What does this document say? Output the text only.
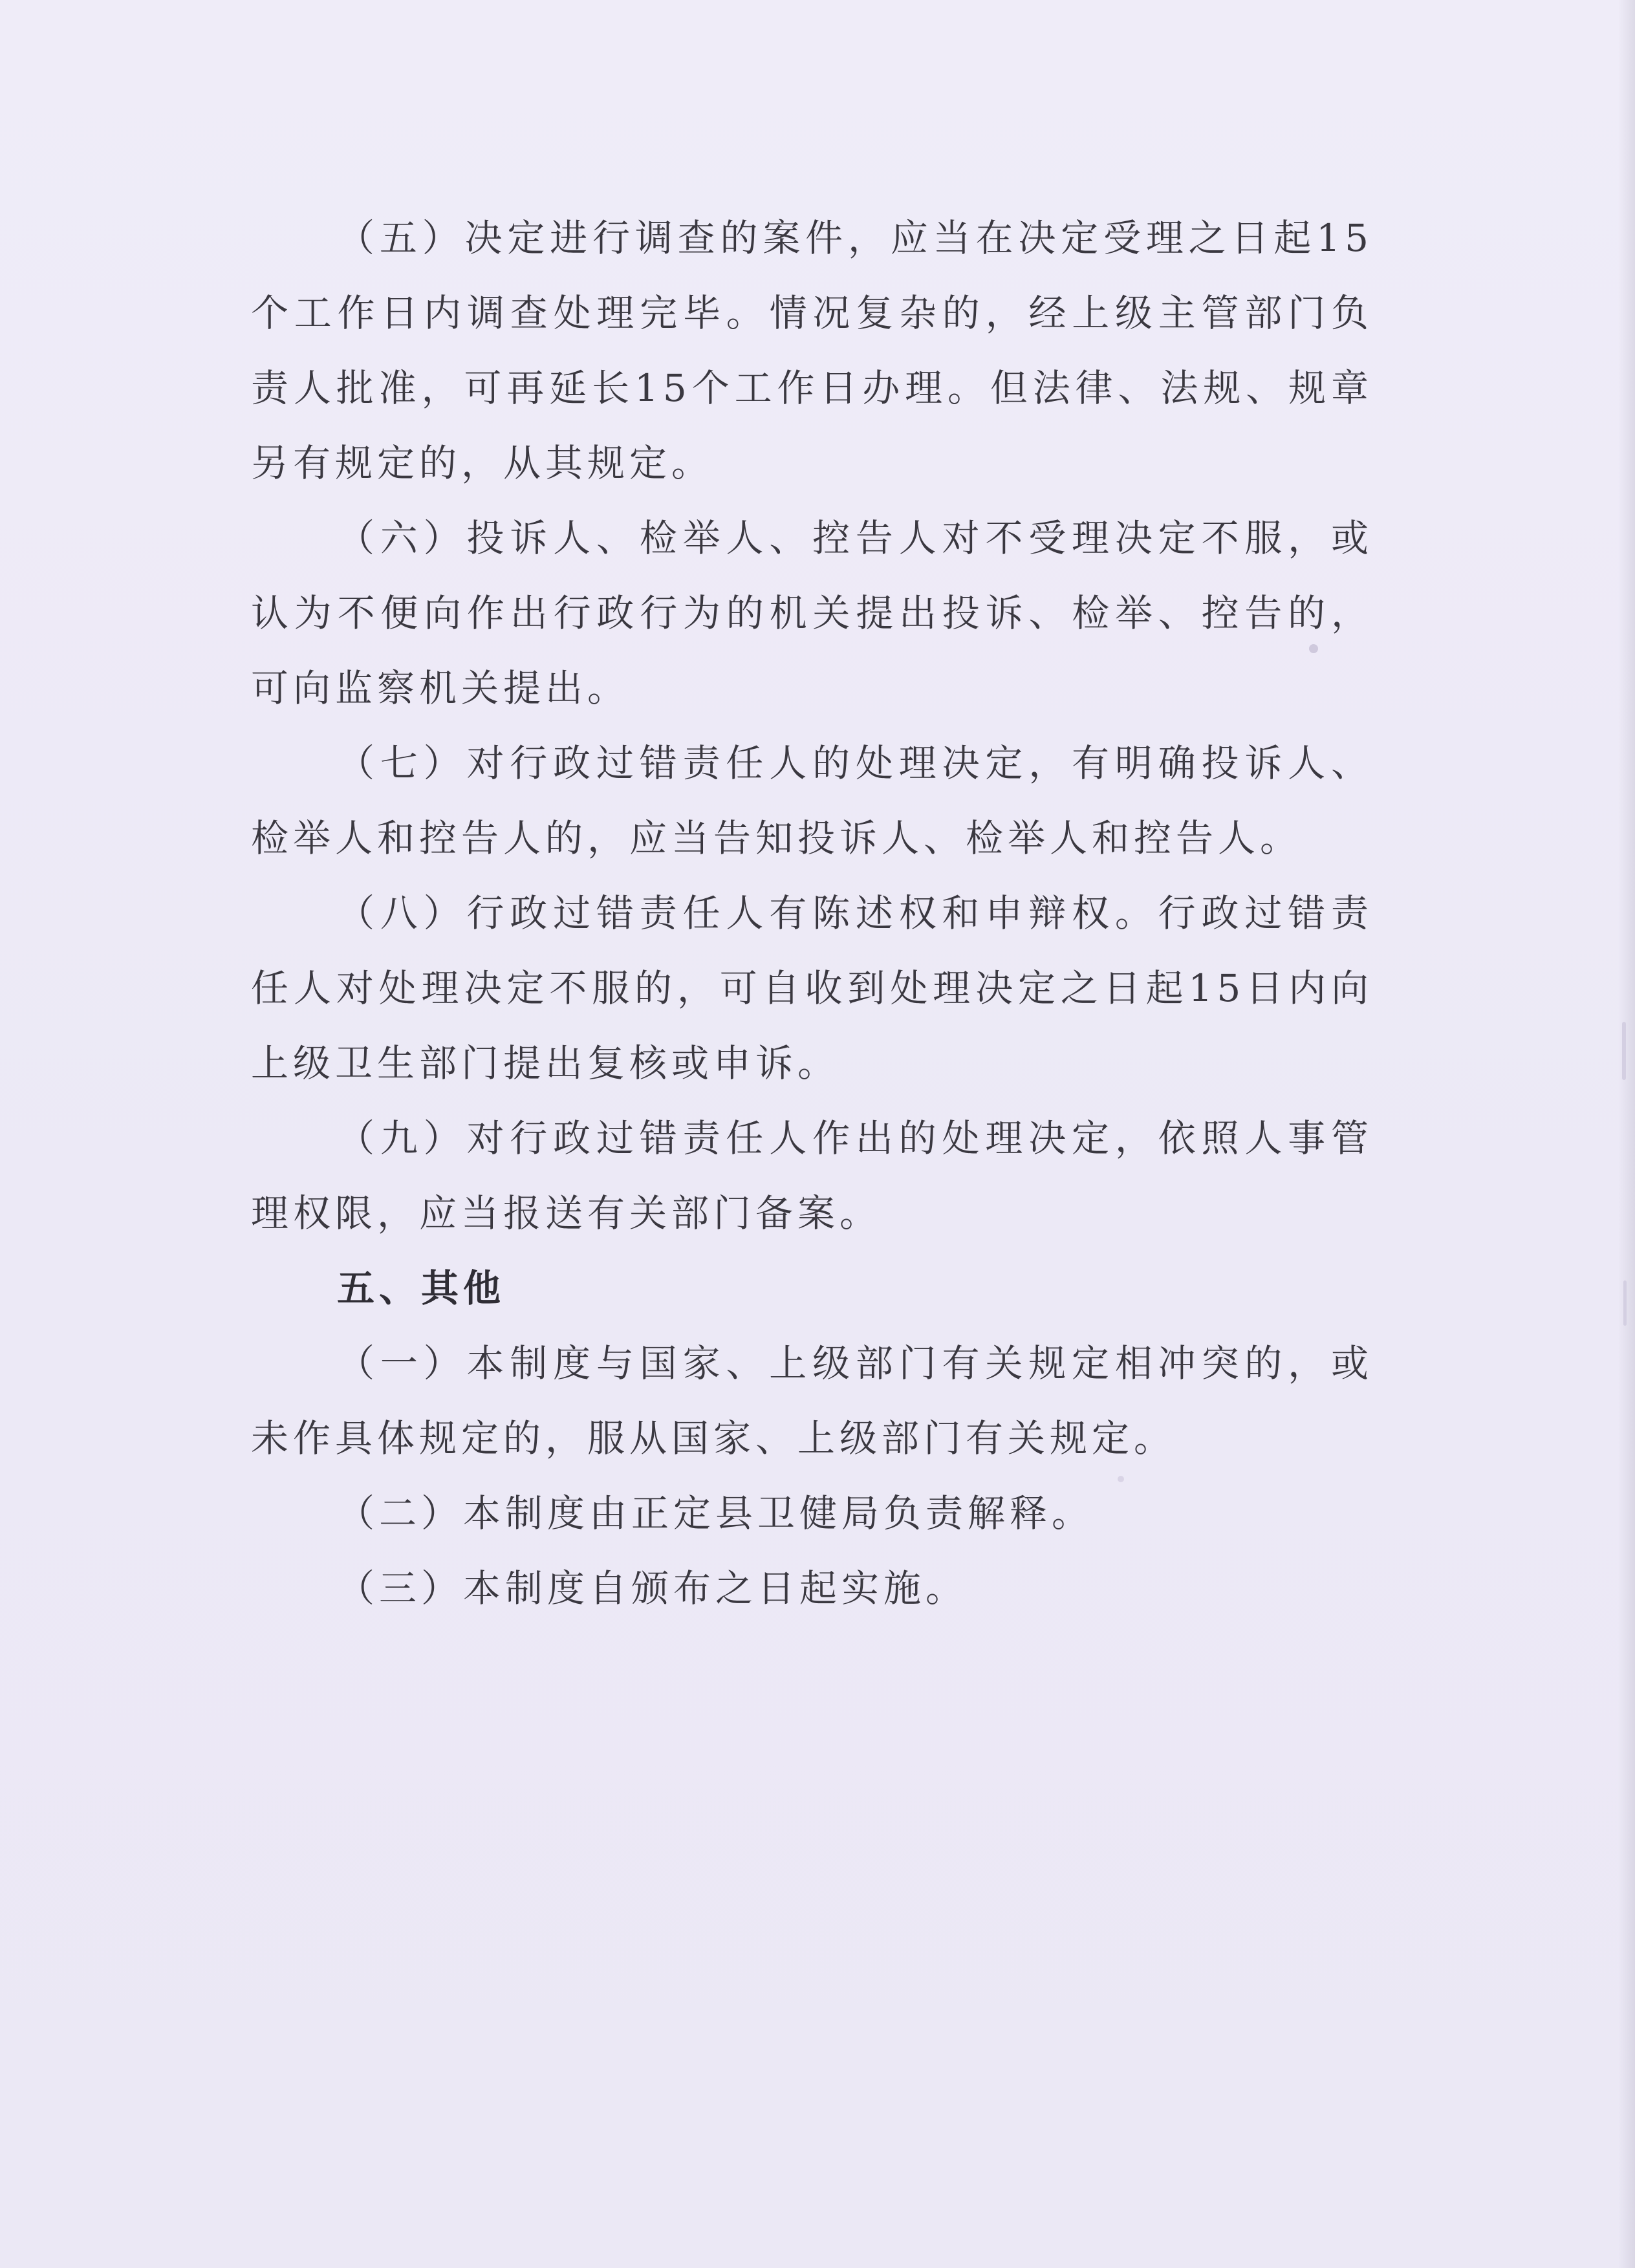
（五）决定进行调查的案件，应当在决定受理之日起15个工作日内调查处理完毕。情况复杂的，经上级主管部门负责人批准，可再延长15个工作日办理。但法律、法规、规章另有规定的，从其规定。

（六）投诉人、检举人、控告人对不受理决定不服，或认为不便向作出行政行为的机关提出投诉、检举、控告的，可向监察机关提出。

（七）对行政过错责任人的处理决定，有明确投诉人、检举人和控告人的，应当告知投诉人、检举人和控告人。

（八）行政过错责任人有陈述权和申辩权。行政过错责任人对处理决定不服的，可自收到处理决定之日起15日内向上级卫生部门提出复核或申诉。

（九）对行政过错责任人作出的处理决定，依照人事管理权限，应当报送有关部门备案。

五、其他

（一）本制度与国家、上级部门有关规定相冲突的，或未作具体规定的，服从国家、上级部门有关规定。

（二）本制度由正定县卫健局负责解释。

（三）本制度自颁布之日起实施。
